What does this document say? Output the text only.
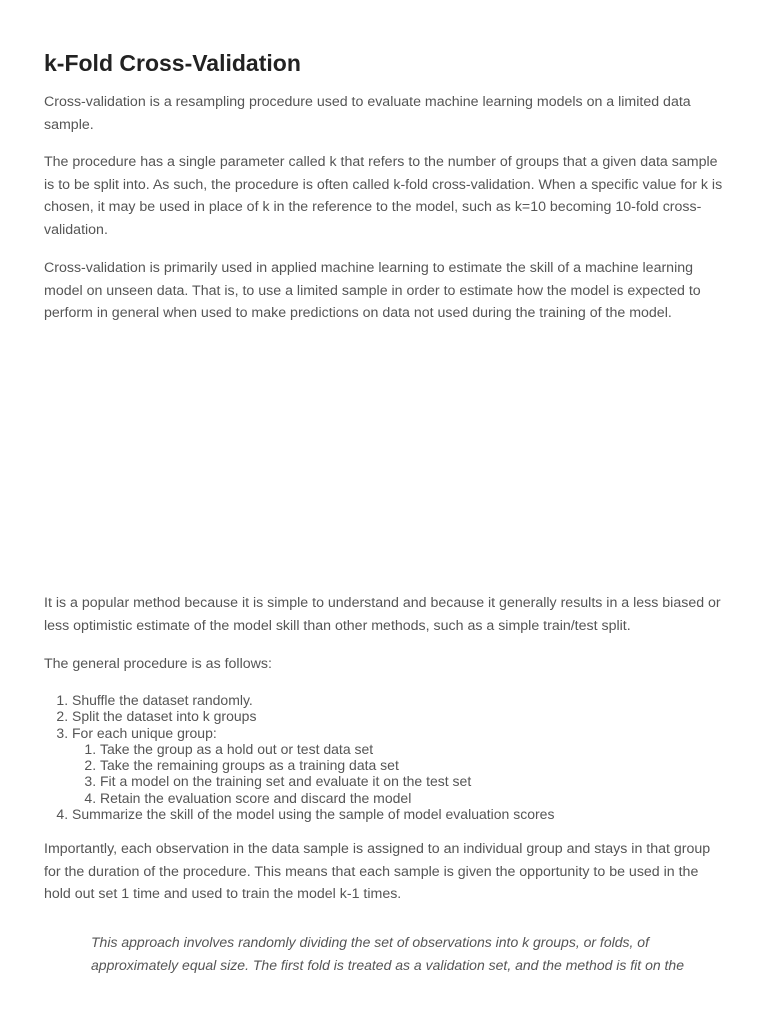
k-Fold Cross-Validation

Cross-validation is a resampling procedure used to evaluate machine learning models on a limited data sample.

The procedure has a single parameter called k that refers to the number of groups that a given data sample is to be split into. As such, the procedure is often called k-fold cross-validation. When a specific value for k is chosen, it may be used in place of k in the reference to the model, such as k=10 becoming 10-fold cross-validation.

Cross-validation is primarily used in applied machine learning to estimate the skill of a machine learning model on unseen data. That is, to use a limited sample in order to estimate how the model is expected to perform in general when used to make predictions on data not used during the training of the model.

It is a popular method because it is simple to understand and because it generally results in a less biased or less optimistic estimate of the model skill than other methods, such as a simple train/test split.

The general procedure is as follows:

1. Shuffle the dataset randomly.
2. Split the dataset into k groups
3. For each unique group:
1. Take the group as a hold out or test data set
2. Take the remaining groups as a training data set
3. Fit a model on the training set and evaluate it on the test set
4. Retain the evaluation score and discard the model
4. Summarize the skill of the model using the sample of model evaluation scores

Importantly, each observation in the data sample is assigned to an individual group and stays in that group for the duration of the procedure. This means that each sample is given the opportunity to be used in the hold out set 1 time and used to train the model k-1 times.

This approach involves randomly dividing the set of observations into k groups, or folds, of approximately equal size. The first fold is treated as a validation set, and the method is fit on the
